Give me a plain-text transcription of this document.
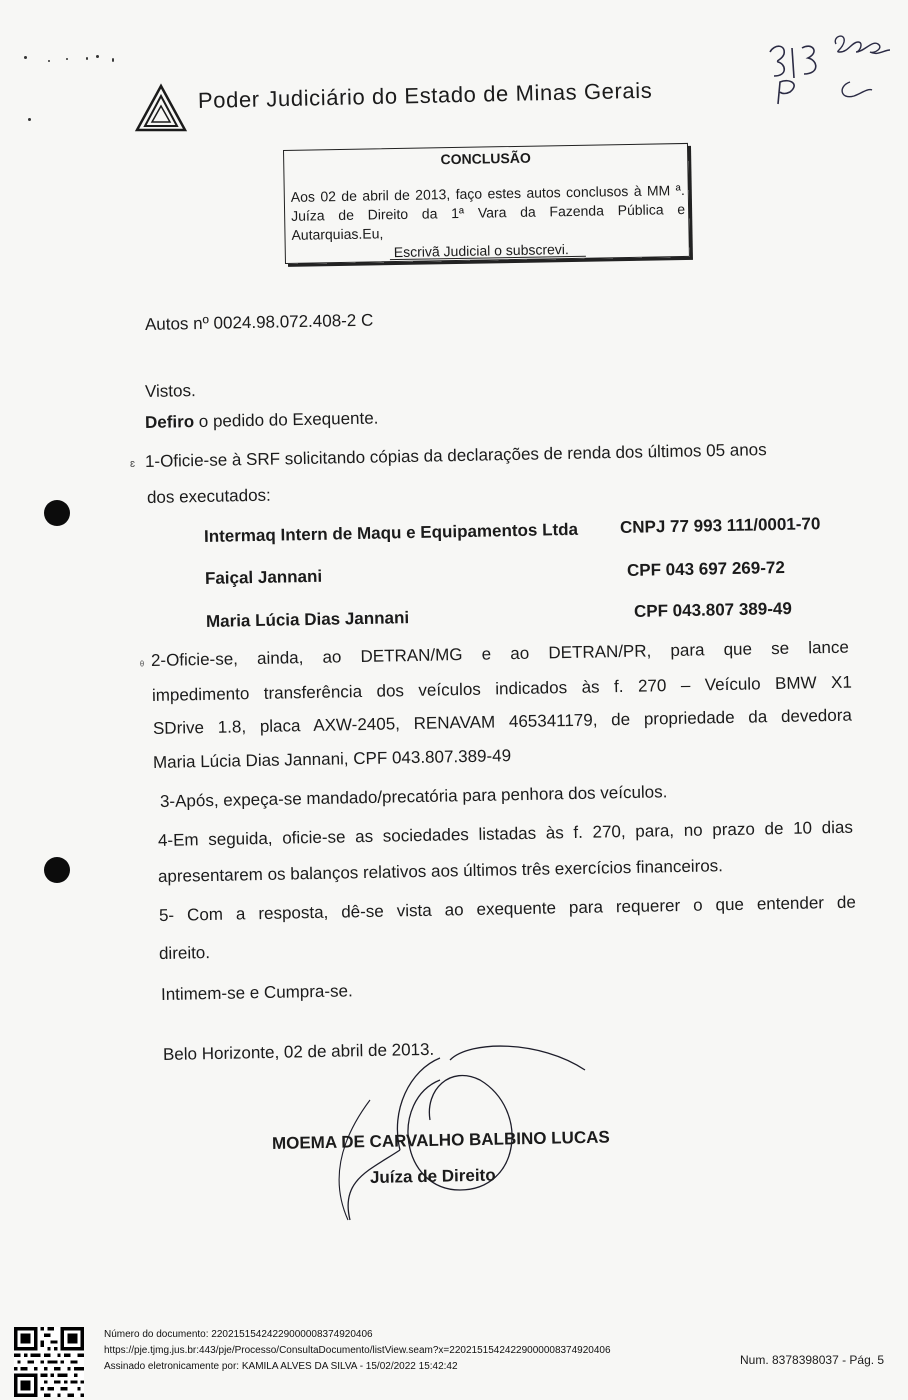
Poder Judiciário do Estado de Minas Gerais
CONCLUSÃO
Aos 02 de abril de 2013, faço estes autos conclusos à MM ª. Juíza de Direito da 1ª Vara da Fazenda Pública e Autarquias.Eu,
Escrivã Judicial o subscrevi.
Autos nº 0024.98.072.408-2 C
Vistos.
Defiro o pedido do Exequente.
ɛ 1-Oficie-se à SRF solicitando cópias da declarações de renda dos últimos 05 anos
dos executados:
Intermaq Intern de Maqu e Equipamentos Ltda CNPJ 77 993 111/0001-70
Faiçal Jannani	CPF 043 697 269-72
Maria Lúcia Dias Jannani	CPF 043.807 389-49
ᶿ 2-Oficie-se, ainda, ao DETRAN/MG e ao DETRAN/PR, para que se lance
impedimento transferência dos veículos indicados às f. 270 – Veículo BMW X1
SDrive 1.8, placa AXW-2405, RENAVAM 465341179, de propriedade da devedora
Maria Lúcia Dias Jannani, CPF 043.807.389-49
3-Após, expeça-se mandado/precatória para penhora dos veículos.
4-Em seguida, oficie-se as sociedades listadas às f. 270, para, no prazo de 10 dias
apresentarem os balanços relativos aos últimos três exercícios financeiros.
5- Com a resposta, dê-se vista ao exequente para requerer o que entender de
direito.
Intimem-se e Cumpra-se.
Belo Horizonte, 02 de abril de 2013.
MOEMA DE CARVALHO BALBINO LUCAS
Juíza de Direito
Número do documento: 22021515424229000008374920406
https://pje.tjmg.jus.br:443/pje/Processo/ConsultaDocumento/listView.seam?x=22021515424229000008374920406
Assinado eletronicamente por: KAMILA ALVES DA SILVA - 15/02/2022 15:42:42	Num. 8378398037 - Pág. 5
